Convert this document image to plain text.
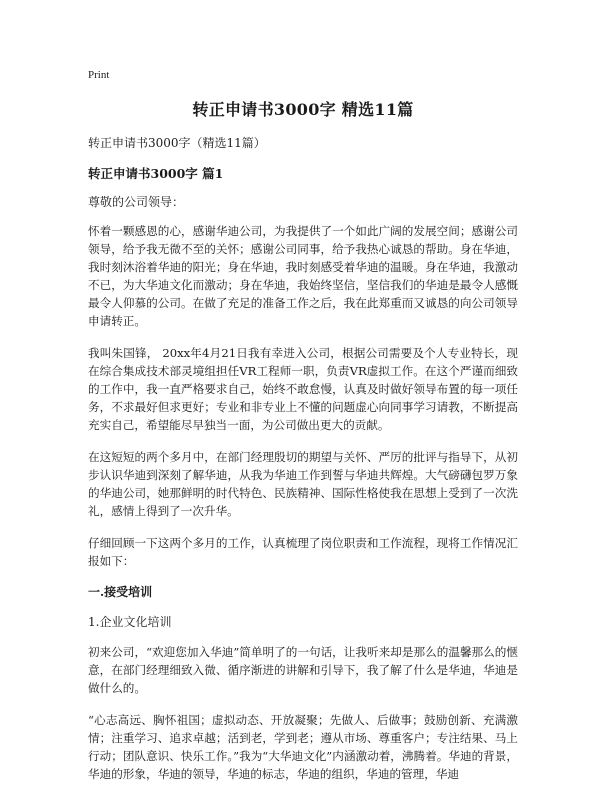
Print
转正申请书3000字 精选11篇
转正申请书3000字（精选11篇）
转正申请书3000字 篇1
尊敬的公司领导：

怀着一颗感恩的心，感谢华迪公司，为我提供了一个如此广阔的发展空间；感谢公司领导，给予我无微不至的关怀；感谢公司同事，给予我热心诚恳的帮助。身在华迪，我时刻沐浴着华迪的阳光；身在华迪，我时刻感受着华迪的温暖。身在华迪，我激动不已，为大华迪文化而激动；身在华迪，我始终坚信，坚信我们的华迪是最令人感慨最令人仰慕的公司。在做了充足的准备工作之后，我在此郑重而又诚恳的向公司领导申请转正。

我叫朱国锋， 20xx年4月21日我有幸进入公司，根据公司需要及个人专业特长，现在综合集成技术部灵境组担任VR工程师一职，负责VR虚拟工作。在这个严谨而细致的工作中，我一直严格要求自己，始终不敢怠慢，认真及时做好领导布置的每一项任务，不求最好但求更好；专业和非专业上不懂的问题虚心向同事学习请教，不断提高充实自己，希望能尽早独当一面，为公司做出更大的贡献。

在这短短的两个多月中，在部门经理殷切的期望与关怀、严厉的批评与指导下，从初步认识华迪到深刻了解华迪，从我为华迪工作到誓与华迪共辉煌。大气磅礴包罗万象的华迪公司，她那鲜明的时代特色、民族精神、国际性格使我在思想上受到了一次洗礼，感情上得到了一次升华。

仔细回顾一下这两个多月的工作，认真梳理了岗位职责和工作流程，现将工作情况汇报如下：

一.接受培训
1.企业文化培训

初来公司，“欢迎您加入华迪”简单明了的一句话，让我听来却是那么的温馨那么的惬意，在部门经理细致入微、循序渐进的讲解和引导下，我了解了什么是华迪，华迪是做什么的。

“心志高远、胸怀祖国；虚拟动态、开放凝聚；先做人、后做事；鼓励创新、充满激情；注重学习、追求卓越；活到老，学到老；遵从市场、尊重客户；专注结果、马上行动；团队意识、快乐工作。”我为“大华迪文化”内涵激动着，沸腾着。华迪的背景，华迪的形象，华迪的领导，华迪的标志，华迪的组织，华迪的管理，华迪
